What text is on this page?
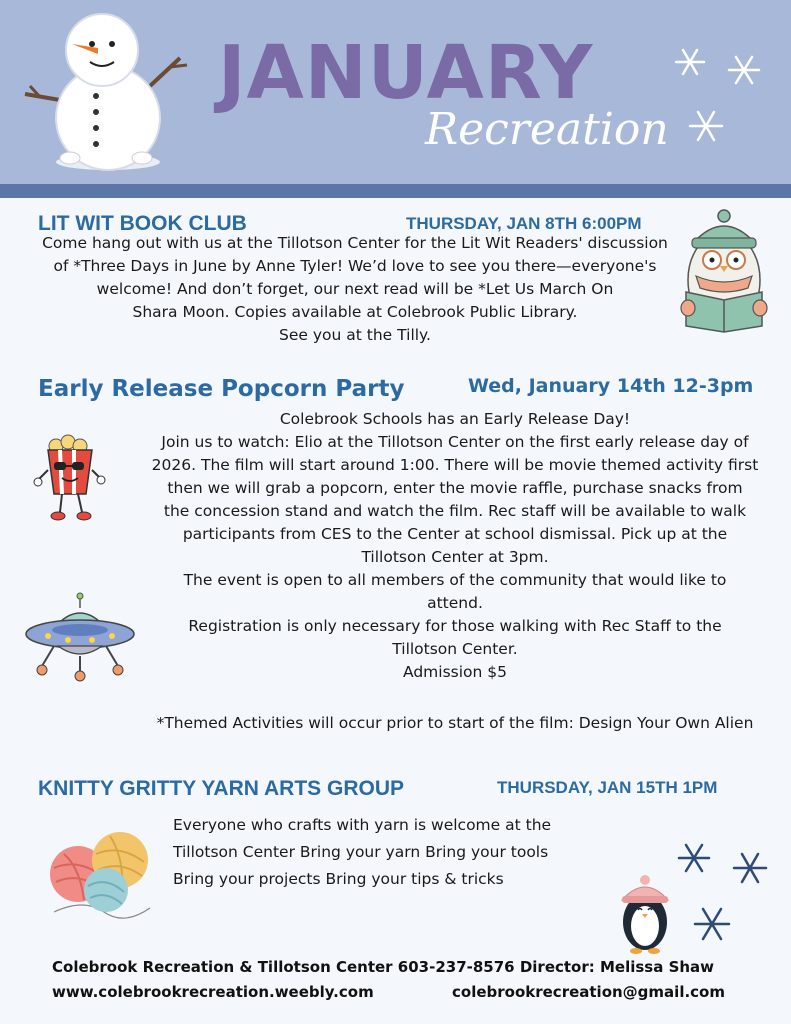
JANUARY
Recreation
LIT WIT BOOK CLUB	THURSDAY, JAN 8TH 6:00PM
Come hang out with us at the Tillotson Center for the Lit Wit Readers' discussion
of *Three Days in June by Anne Tyler! We’d love to see you there—everyone's
welcome! And don’t forget, our next read will be *Let Us March On
Shara Moon. Copies available at Colebrook Public Library.
See you at the Tilly.
Early Release Popcorn Party	Wed, January 14th 12-3pm
Colebrook Schools has an Early Release Day!
Join us to watch: Elio at the Tillotson Center on the first early release day of
2026. The film will start around 1:00. There will be movie themed activity first
then we will grab a popcorn, enter the movie raffle, purchase snacks from
the concession stand and watch the film. Rec staff will be available to walk
participants from CES to the Center at school dismissal. Pick up at the
Tillotson Center at 3pm.
The event is open to all members of the community that would like to
attend.
Registration is only necessary for those walking with Rec Staff to the
Tillotson Center.
Admission $5
*Themed Activities will occur prior to start of the film: Design Your Own Alien
KNITTY GRITTY YARN ARTS GROUP	THURSDAY, JAN 15TH 1PM
Everyone who crafts with yarn is welcome at the
Tillotson Center Bring your yarn Bring your tools
Bring your projects Bring your tips & tricks
Colebrook Recreation & Tillotson Center 603-237-8576 Director: Melissa Shaw
www.colebrookrecreation.weebly.com	colebrookrecreation@gmail.com
